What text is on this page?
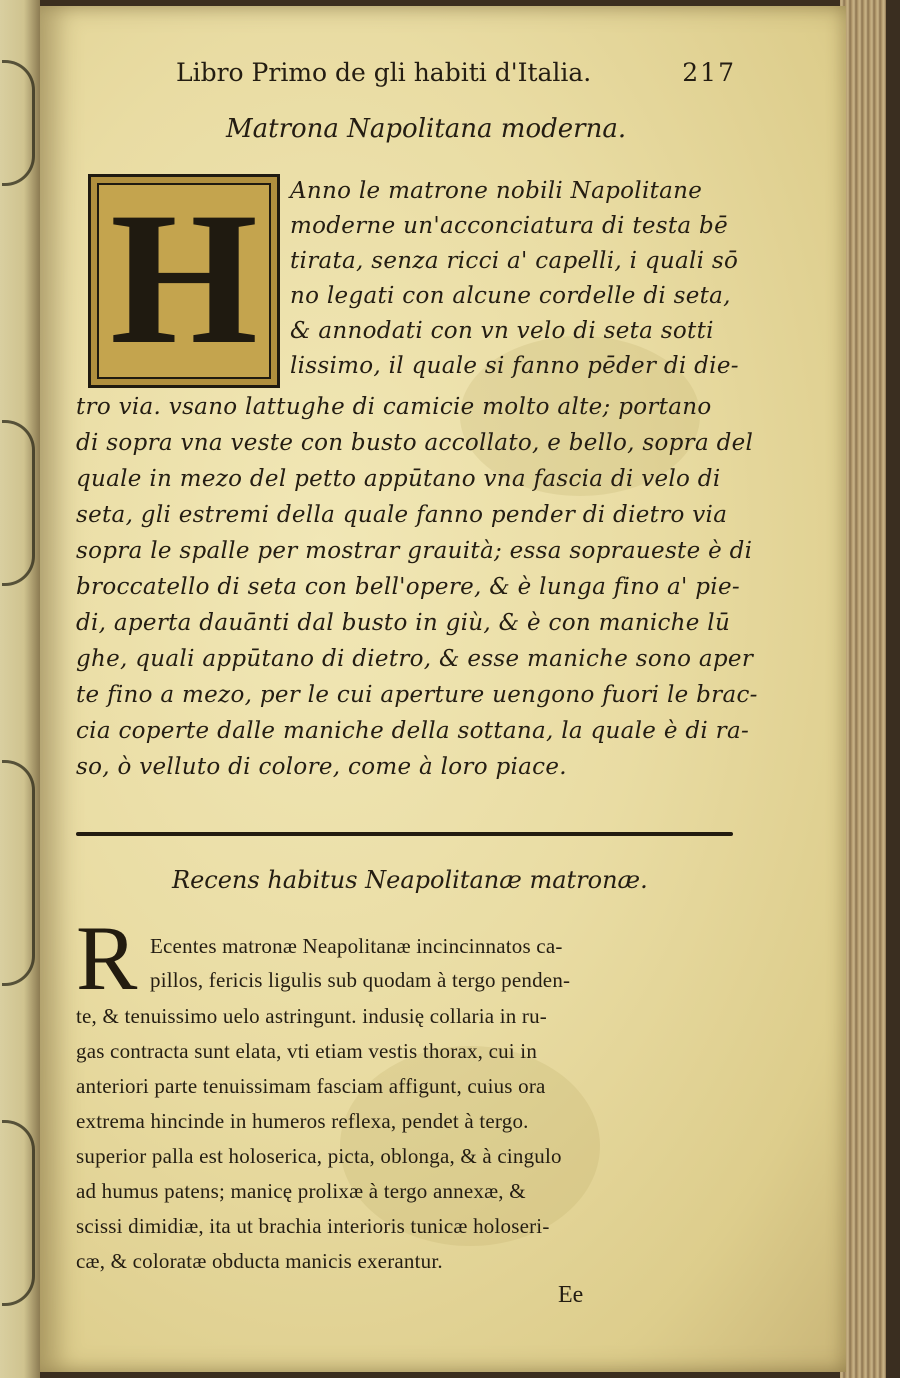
Libro Primo de gli habiti d'Italia.	217
Matrona Napolitana moderna.
H	Anno le matrone nobili Napolitane
moderne un'acconciatura di testa bē
tirata, senza ricci a' capelli, i quali sō
no legati con alcune cordelle di seta,
& annodati con vn velo di seta sotti
lissimo, il quale si fanno pēder di die-
tro via. vsano lattughe di camicie molto alte; portano
di sopra vna veste con busto accollato, e bello, sopra del
quale in mezo del petto appūtano vna fascia di velo di
seta, gli estremi della quale fanno pender di dietro via
sopra le spalle per mostrar grauità; essa sopraueste è di
broccatello di seta con bell'opere, & è lunga fino a' pie-
di, aperta dauānti dal busto in giù, & è con maniche lū
ghe, quali appūtano di dietro, & esse maniche sono aper
te fino a mezo, per le cui aperture uengono fuori le brac-
cia coperte dalle maniche della sottana, la quale è di ra-
so, ò velluto di colore, come à loro piace.
Recens habitus Neapolitanæ matronæ.
R Ecentes matronæ Neapolitanæ incincinnatos ca-
pillos, fericis ligulis sub quodam à tergo penden-
te, & tenuissimo uelo astringunt. indusię collaria in ru-
gas contracta sunt elata, vti etiam vestis thorax, cui in
anteriori parte tenuissimam fasciam affigunt, cuius ora
extrema hincinde in humeros reflexa, pendet à tergo.
superior palla est holoserica, picta, oblonga, & à cingulo
ad humus patens; manicę prolixæ à tergo annexæ, &
scissi dimidiæ, ita ut brachia interioris tunicæ holoseri-
cæ, & coloratæ obducta manicis exerantur.
Ee
